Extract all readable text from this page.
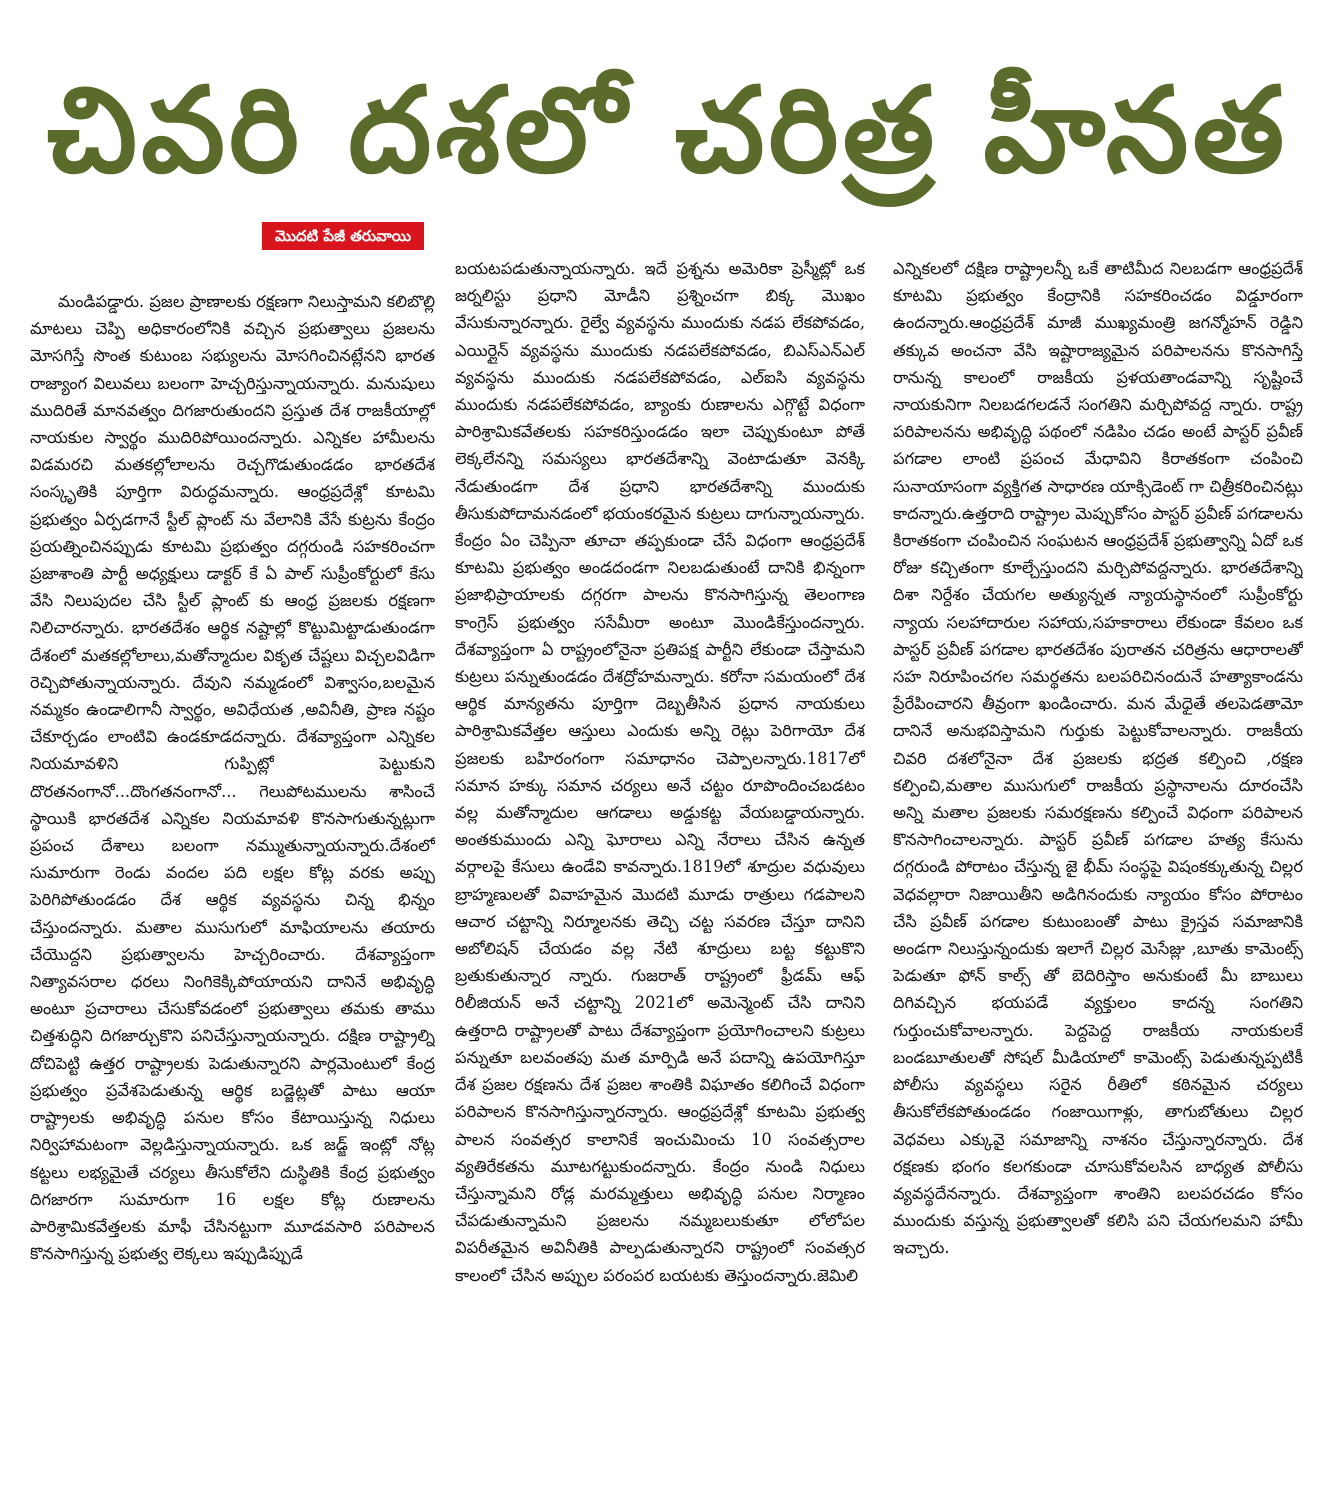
చివరి దశలో చరిత్ర హీనత
మొదటి పేజీ తరువాయి

మండిపడ్డారు. ప్రజల ప్రాణాలకు రక్షణగా నిలుస్తామని కలిబొల్లి మాటలు చెప్పి అధికారంలోనికి వచ్చిన ప్రభుత్వాలు ప్రజలను మోసగిస్తే సొంత కుటుంబ సభ్యులను మోసగించినట్లేనని భారత రాజ్యాంగ విలువలు బలంగా హెచ్చరిస్తున్నాయన్నారు. మనుషులు ముదిరితే మానవత్వం దిగజారుతుందని ప్రస్తుత దేశ రాజకీయాల్లో నాయకుల స్వార్థం ముదిరిపోయిందన్నారు. ఎన్నికల హామీలను విడమరచి మతకల్లోలాలను రెచ్చగొడుతుండడం భారతదేశ సంస్కృతికి పూర్తిగా విరుద్ధమన్నారు. ఆంధ్రప్రదేశ్లో కూటమి ప్రభుత్వం ఏర్పడగానే స్టీల్ ప్లాంట్ ను వేలానికి వేసే కుట్రను కేంద్రం ప్రయత్నించినప్పుడు కూటమి ప్రభుత్వం దగ్గరుండి సహకరించగా ప్రజాశాంతి పార్టీ అధ్యక్షులు డాక్టర్ కే ఏ పాల్ సుప్రీంకోర్టులో కేసు వేసి నిలుపుదల చేసి స్టీల్ ప్లాంట్ కు ఆంధ్ర ప్రజలకు రక్షణగా నిలిచారన్నారు. భారతదేశం ఆర్థిక నష్టాల్లో కొట్టుమిట్టాడుతుండగా దేశంలో మతకల్లోలాలు,మతోన్మాదుల వికృత చేష్టలు విచ్చలవిడిగా రెచ్చిపోతున్నాయన్నారు. దేవుని నమ్మడంలో విశ్వాసం,బలమైన నమ్మకం ఉండాలిగానీ స్వార్థం, అవిధేయత ,అవినీతి, ప్రాణ నష్టం చేకూర్చడం లాంటివి ఉండకూడదన్నారు. దేశవ్యాప్తంగా ఎన్నికల నియమావళిని గుప్పిట్లో పెట్టుకుని దొరతనంగానో...దొంగతనంగానో... గెలుపోటములను శాసించే స్థాయికి భారతదేశ ఎన్నికల నియమావళి కొనసాగుతున్నట్లుగా ప్రపంచ దేశాలు బలంగా నమ్ముతున్నాయన్నారు.దేశంలో సుమారుగా రెండు వందల పది లక్షల కోట్ల వరకు అప్పు పెరిగిపోతుండడం దేశ ఆర్థిక వ్యవస్థను చిన్న భిన్నం చేస్తుందన్నారు. మతాల ముసుగులో మాఫియాలను తయారు చేయొద్దని ప్రభుత్వాలను హెచ్చరించారు. దేశవ్యాప్తంగా నిత్యావసరాల ధరలు నింగికెక్కిపోయాయని దానినే అభివృద్ధి అంటూ ప్రచారాలు చేసుకోవడంలో ప్రభుత్వాలు తమకు తాము చిత్తశుద్ధిని దిగజార్చుకొని పనిచేస్తున్నాయన్నారు. దక్షిణ రాష్ట్రాల్ని దోచిపెట్టి ఉత్తర రాష్ట్రాలకు పెడుతున్నారని పార్లమెంటులో కేంద్ర ప్రభుత్వం ప్రవేశపెడుతున్న ఆర్థిక బడ్జెట్లతో పాటు ఆయా రాష్ట్రాలకు అభివృద్ధి పనుల కోసం కేటాయిస్తున్న నిధులు నిర్విహామటంగా వెల్లడిస్తున్నాయన్నారు. ఒక జడ్జ్ ఇంట్లో నోట్ల కట్టలు లభ్యమైతే చర్యలు తీసుకోలేని దుస్థితికి కేంద్ర ప్రభుత్వం దిగజారగా సుమారుగా 16 లక్షల కోట్ల రుణాలను పారిశ్రామికవేత్తలకు మాఫీ చేసినట్టుగా మూడవసారి పరిపాలన కొనసాగిస్తున్న ప్రభుత్వ లెక్కలు ఇప్పుడిప్పుడే

బయటపడుతున్నాయన్నారు. ఇదే ప్రశ్నను అమెరికా ప్రెస్మీట్లో ఒక జర్నలిస్టు ప్రధాని మోడీని ప్రశ్నించగా బిక్క మొఖం వేసుకున్నారన్నారు. రైల్వే వ్యవస్థను ముందుకు నడప లేకపోవడం, ఎయిర్లైన్ వ్యవస్థను ముందుకు నడపలేకపోవడం, బిఎస్ఎన్ఎల్ వ్యవస్థను ముందుకు నడపలేకపోవడం, ఎల్ఐసి వ్యవస్థను ముందుకు నడపలేకపోవడం, బ్యాంకు రుణాలను ఎగ్గొట్టే విధంగా పారిశ్రామికవేతలకు సహకరిస్తుండడం ఇలా చెప్పుకుంటూ పోతే లెక్కలేనన్ని సమస్యలు భారతదేశాన్ని వెంటాడుతూ వెనక్కి నేడుతుండగా దేశ ప్రధాని భారతదేశాన్ని ముందుకు తీసుకుపోదామనడంలో భయంకరమైన కుట్రలు దాగున్నాయన్నారు. కేంద్రం ఏం చెప్పినా తూచా తప్పకుండా చేసే విధంగా ఆంధ్రప్రదేశ్ కూటమి ప్రభుత్వం అండదండగా నిలబడుతుంటే దానికి భిన్నంగా ప్రజాభిప్రాయాలకు దగ్గరగా పాలను కొనసాగిస్తున్న తెలంగాణ కాంగ్రెస్ ప్రభుత్వం ససేమీరా అంటూ మొండికేస్తుందన్నారు. దేశవ్యాప్తంగా ఏ రాష్ట్రంలోనైనా ప్రతిపక్ష పార్టీని లేకుండా చేస్తామని కుట్రలు పన్నుతుండడం దేశద్రోహమన్నారు. కరోనా సమయంలో దేశ ఆర్థిక మాన్యతను పూర్తిగా దెబ్బతీసిన ప్రధాన నాయకులు పారిశ్రామికవేత్తల ఆస్తులు ఎందుకు అన్ని రెట్లు పెరిగాయో దేశ ప్రజలకు బహిరంగంగా సమాధానం చెప్పాలన్నారు.1817లో సమాన హక్కు సమాన చర్యలు అనే చట్టం రూపొందించబడటం వల్ల మతోన్మాదుల ఆగడాలు అడ్డుకట్ట వేయబడ్డాయన్నారు. అంతకుముందు ఎన్ని ఘోరాలు ఎన్ని నేరాలు చేసిన ఉన్నత వర్గాలపై కేసులు ఉండేవి కావన్నారు.1819లో శూద్రుల వధువులు బ్రాహ్మణులతో వివాహమైన మొదటి మూడు రాత్రులు గడపాలని ఆచార చట్టాన్ని నిర్మూలనకు తెచ్చి చట్ట సవరణ చేస్తూ దానిని అబోలిషన్ చేయడం వల్ల నేటి శూద్రులు బట్ట కట్టుకొని బ్రతుకుతున్నార న్నారు. గుజరాత్ రాష్ట్రంలో ఫ్రీడమ్ ఆఫ్ రిలీజియన్ అనే చట్టాన్ని 2021లో అమెన్మెంట్ చేసి దానిని ఉత్తరాది రాష్ట్రాలతో పాటు దేశవ్యాప్తంగా ప్రయోగించాలని కుట్రలు పన్నుతూ బలవంతపు మత మార్పిడి అనే పదాన్ని ఉపయోగిస్తూ దేశ ప్రజల రక్షణను దేశ ప్రజల శాంతికి విఘాతం కలిగించే విధంగా పరిపాలన కొనసాగిస్తున్నారన్నారు. ఆంధ్రప్రదేశ్లో కూటమి ప్రభుత్వ పాలన సంవత్సర కాలానికే ఇంచుమించు 10 సంవత్సరాల వ్యతిరేకతను మూటగట్టుకుందన్నారు. కేంద్రం నుండి నిధులు చేస్తున్నామని రోడ్ల మరమ్మత్తులు అభివృద్ధి పనుల నిర్మాణం చేపడుతున్నామని ప్రజలను నమ్మబలుకుతూ లోలోపల విపరీతమైన అవినీతికి పాల్పడుతున్నారని రాష్ట్రంలో సంవత్సర కాలంలో చేసిన అప్పుల పరంపర బయటకు తెస్తుందన్నారు.జెమిలి

ఎన్నికలలో దక్షిణ రాష్ట్రాలన్నీ ఒకే తాటిమీద నిలబడగా ఆంధ్రప్రదేశ్ కూటమి ప్రభుత్వం కేంద్రానికి సహకరించడం విడ్డూరంగా ఉందన్నారు.ఆంధ్రప్రదేశ్ మాజీ ముఖ్యమంత్రి జగన్మోహన్ రెడ్డిని తక్కువ అంచనా వేసి ఇష్టారాజ్యమైన పరిపాలనను కొనసాగిస్తే రానున్న కాలంలో రాజకీయ ప్రళయతాండవాన్ని సృష్టించే నాయకునిగా నిలబడగలడనే సంగతిని మర్చిపోవద్ద న్నారు. రాష్ట్ర పరిపాలనను అభివృద్ధి పథంలో నడిపిం చడం అంటే పాస్టర్ ప్రవీణ్ పగడాల లాంటి ప్రపంచ మేధావిని కిరాతకంగా చంపించి సునాయాసంగా వ్యక్తిగత సాధారణ యాక్సిడెంట్ గా చిత్రీకరించినట్లు కాదన్నారు.ఉత్తరాది రాష్ట్రాల మెప్పుకోసం పాస్టర్ ప్రవీణ్ పగడాలను కిరాతకంగా చంపించిన సంఘటన ఆంధ్రప్రదేశ్ ప్రభుత్వాన్ని ఏదో ఒక రోజు కచ్చితంగా కూల్చేస్తుందని మర్చిపోవద్దన్నారు. భారతదేశాన్ని దిశా నిర్దేశం చేయగల అత్యున్నత న్యాయస్థానంలో సుప్రీంకోర్టు న్యాయ సలహాదారుల సహాయ,సహకారాలు లేకుండా కేవలం ఒక పాస్టర్ ప్రవీణ్ పగడాల భారతదేశం పురాతన చరిత్రను ఆధారాలతో సహ నిరూపించగల సమర్థతను బలపరిచినందునే హత్యాకాండను ప్రేరేపించారని తీవ్రంగా ఖండించారు. మన మేధైతే తలపెడతామో దానినే అనుభవిస్తామని గుర్తుకు పెట్టుకోవాలన్నారు. రాజకీయ చివరి దశలోనైనా దేశ ప్రజలకు భద్రత కల్పించి ,రక్షణ కల్పించి,మతాల ముసుగులో రాజకీయ ప్రస్థానాలను దూరంచేసి అన్ని మతాల ప్రజలకు సమరక్షణను కల్పించే విధంగా పరిపాలన కొనసాగించాలన్నారు. పాస్టర్ ప్రవీణ్ పగడాల హత్య కేసును దగ్గరుండి పోరాటం చేస్తున్న జై భీమ్ సంస్థపై విషంకక్కుతున్న చిల్లర వెధవల్లారా నిజాయితీని అడిగినందుకు న్యాయం కోసం పోరాటం చేసి ప్రవీణ్ పగడాల కుటుంబంతో పాటు క్రైస్తవ సమాజానికి అండగా నిలుస్తున్నందుకు ఇలాగే చిల్లర మెసేజ్లు ,బూతు కామెంట్స్ పెడుతూ ఫోన్ కాల్స్ తో బెదిరిస్తాం అనుకుంటే మీ బాబులు దిగివచ్చిన భయపడే వ్యక్తులం కాదన్న సంగతిని గుర్తుంచుకోవాలన్నారు. పెద్దపెద్ద రాజకీయ నాయకులకే బండబూతులతో సోషల్ మీడియాలో కామెంట్స్ పెడుతున్నప్పటికీ పోలీసు వ్యవస్థలు సరైన రీతిలో కఠినమైన చర్యలు తీసుకోలేకపోతుండడం గంజాయిగాళ్లు, తాగుబోతులు చిల్లర వెధవలు ఎక్కువై సమాజాన్ని నాశనం చేస్తున్నారన్నారు. దేశ రక్షణకు భంగం కలగకుండా చూసుకోవలసిన బాధ్యత పోలీసు వ్యవస్థదేనన్నారు. దేశవ్యాప్తంగా శాంతిని బలపరచడం కోసం ముందుకు వస్తున్న ప్రభుత్వాలతో కలిసి పని చేయగలమని హామీ ఇచ్చారు.
